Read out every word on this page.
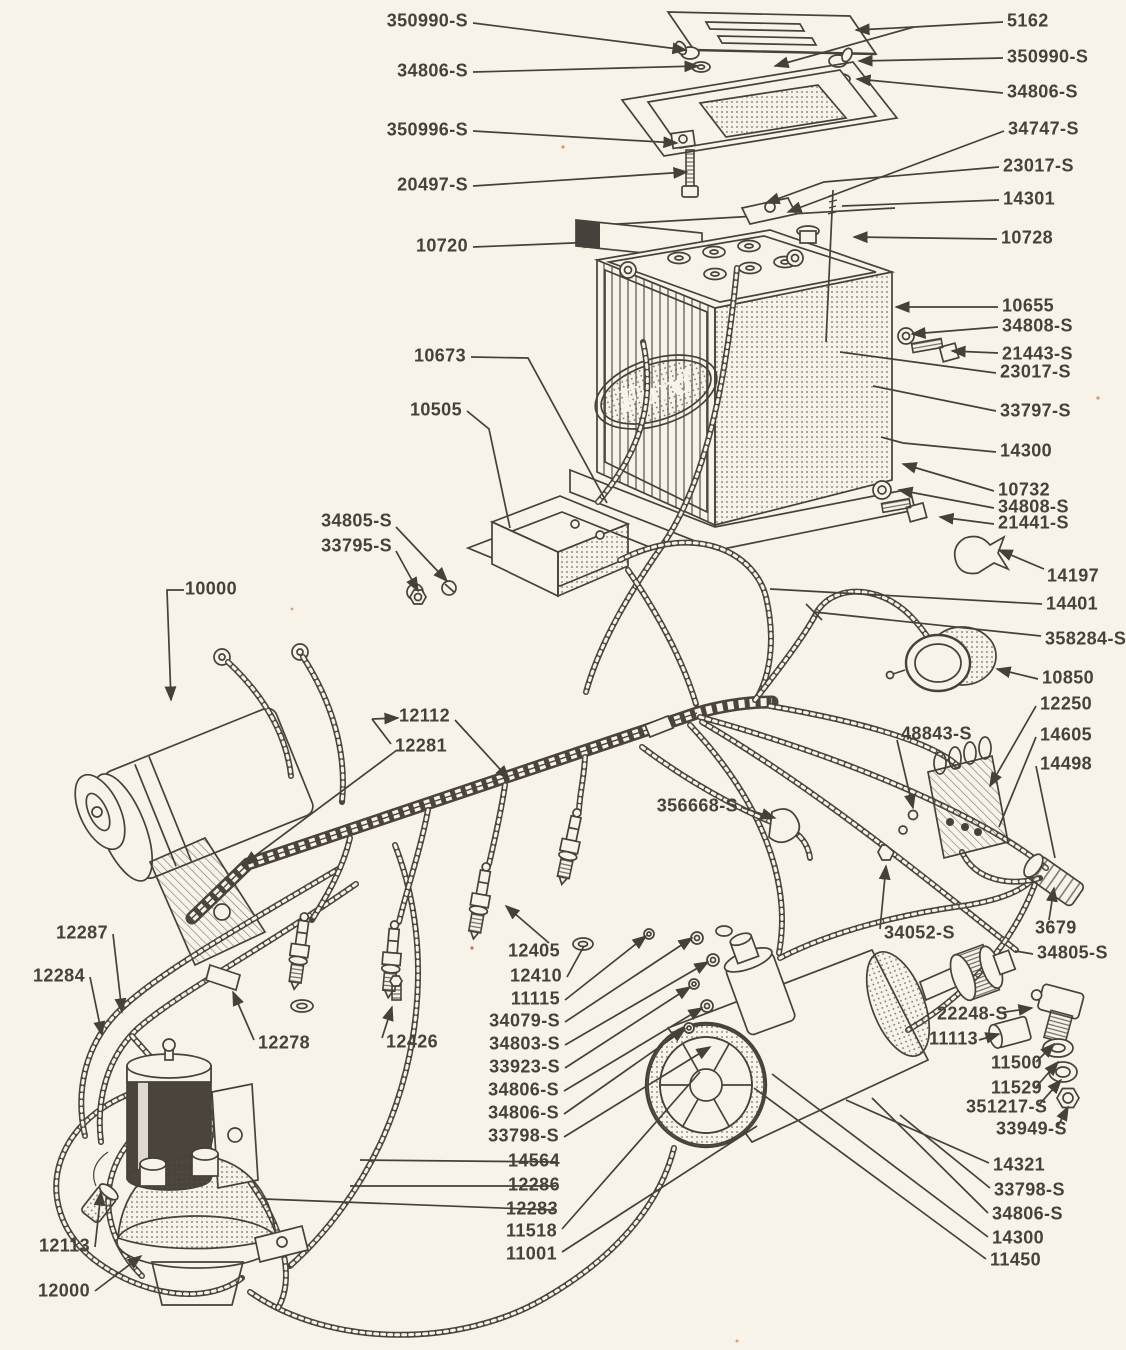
Ford
350990-S
34806-S
350996-S
20497-S
10720
10673
10505
34805-S
33795-S
10000
12112
12281
12287
12284
12278	12426
12113
12000
356668-S
12405
12410
11115
34079-S
34803-S
33923-S
34806-S
34806-S
33798-S
14564
12286
12283
11518
11001
5162
350990-S
34806-S
34747-S
23017-S
14301
10728
10655
34808-S
21443-S
23017-S
33797-S
14300
10732
34808-S
21441-S
14197
14401
358284-S
10850
12250
48843-S	14605
14498
34052-S	3679
34805-S
22248-S
11113
11500
11529
351217-S
33949-S
14321
33798-S
34806-S
14300
11450
